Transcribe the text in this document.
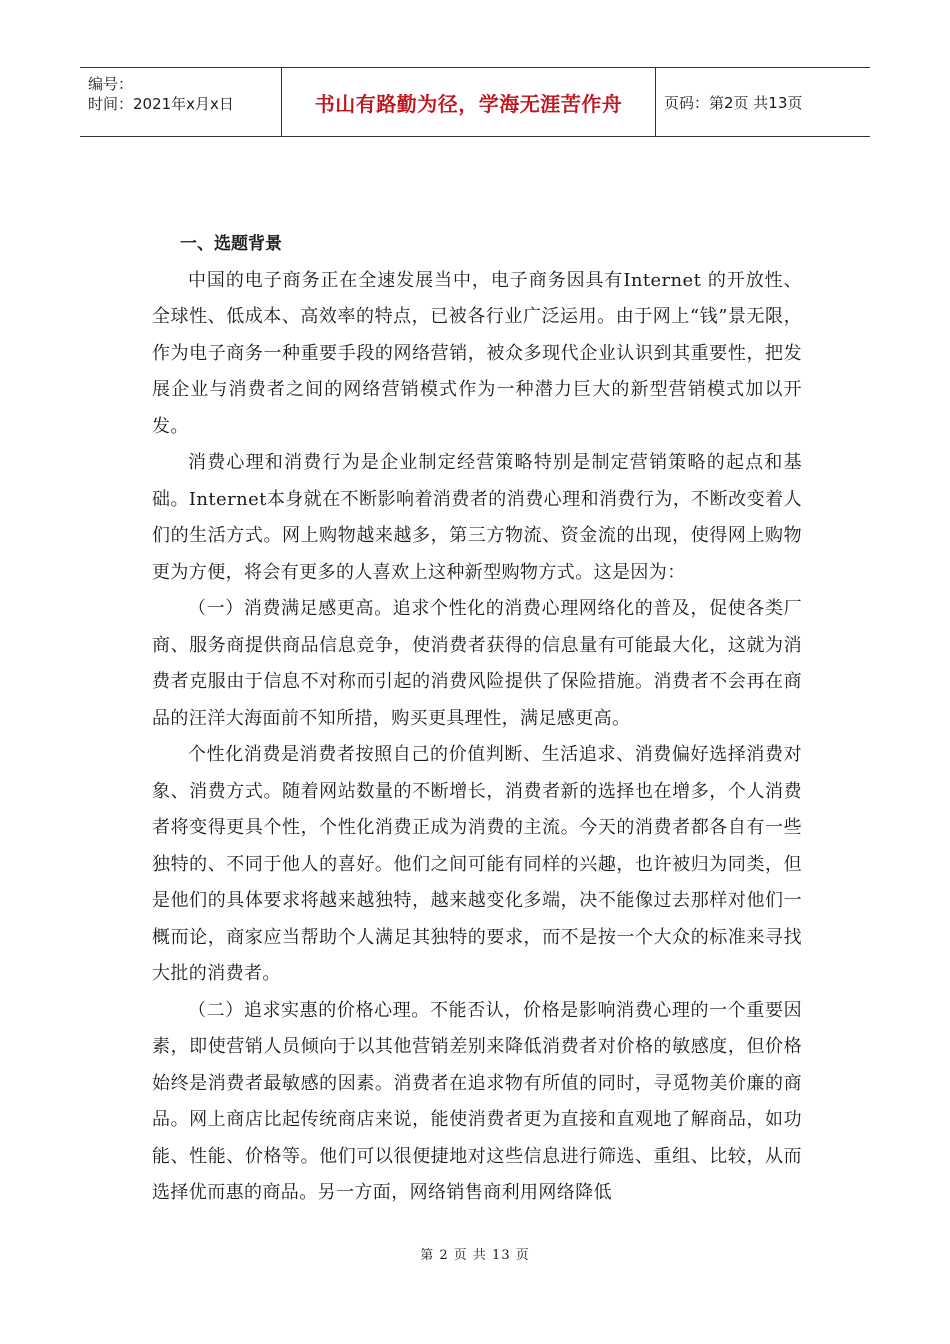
编号：
时间：2021年x月x日	书山有路勤为径，学海无涯苦作舟	页码：第2页 共13页

一、选题背景

中国的电子商务正在全速发展当中，电子商务因具有Internet 的开放性、全球性、低成本、高效率的特点，已被各行业广泛运用。由于网上“钱”景无限，作为电子商务一种重要手段的网络营销，被众多现代企业认识到其重要性，把发展企业与消费者之间的网络营销模式作为一种潜力巨大的新型营销模式加以开发。

消费心理和消费行为是企业制定经营策略特别是制定营销策略的起点和基础。Internet本身就在不断影响着消费者的消费心理和消费行为，不断改变着人们的生活方式。网上购物越来越多，第三方物流、资金流的出现，使得网上购物更为方便，将会有更多的人喜欢上这种新型购物方式。这是因为：

（一）消费满足感更高。追求个性化的消费心理网络化的普及，促使各类厂商、服务商提供商品信息竞争，使消费者获得的信息量有可能最大化，这就为消费者克服由于信息不对称而引起的消费风险提供了保险措施。消费者不会再在商品的汪洋大海面前不知所措，购买更具理性，满足感更高。

个性化消费是消费者按照自己的价值判断、生活追求、消费偏好选择消费对象、消费方式。随着网站数量的不断增长，消费者新的选择也在增多，个人消费者将变得更具个性，个性化消费正成为消费的主流。今天的消费者都各自有一些独特的、不同于他人的喜好。他们之间可能有同样的兴趣，也许被归为同类，但是他们的具体要求将越来越独特，越来越变化多端，决不能像过去那样对他们一概而论，商家应当帮助个人满足其独特的要求，而不是按一个大众的标准来寻找大批的消费者。

（二）追求实惠的价格心理。不能否认，价格是影响消费心理的一个重要因素，即使营销人员倾向于以其他营销差别来降低消费者对价格的敏感度，但价格始终是消费者最敏感的因素。消费者在追求物有所值的同时，寻觅物美价廉的商品。网上商店比起传统商店来说，能使消费者更为直接和直观地了解商品，如功能、性能、价格等。他们可以很便捷地对这些信息进行筛选、重组、比较，从而选择优而惠的商品。另一方面，网络销售商利用网络降低

第 2 页 共 13 页
